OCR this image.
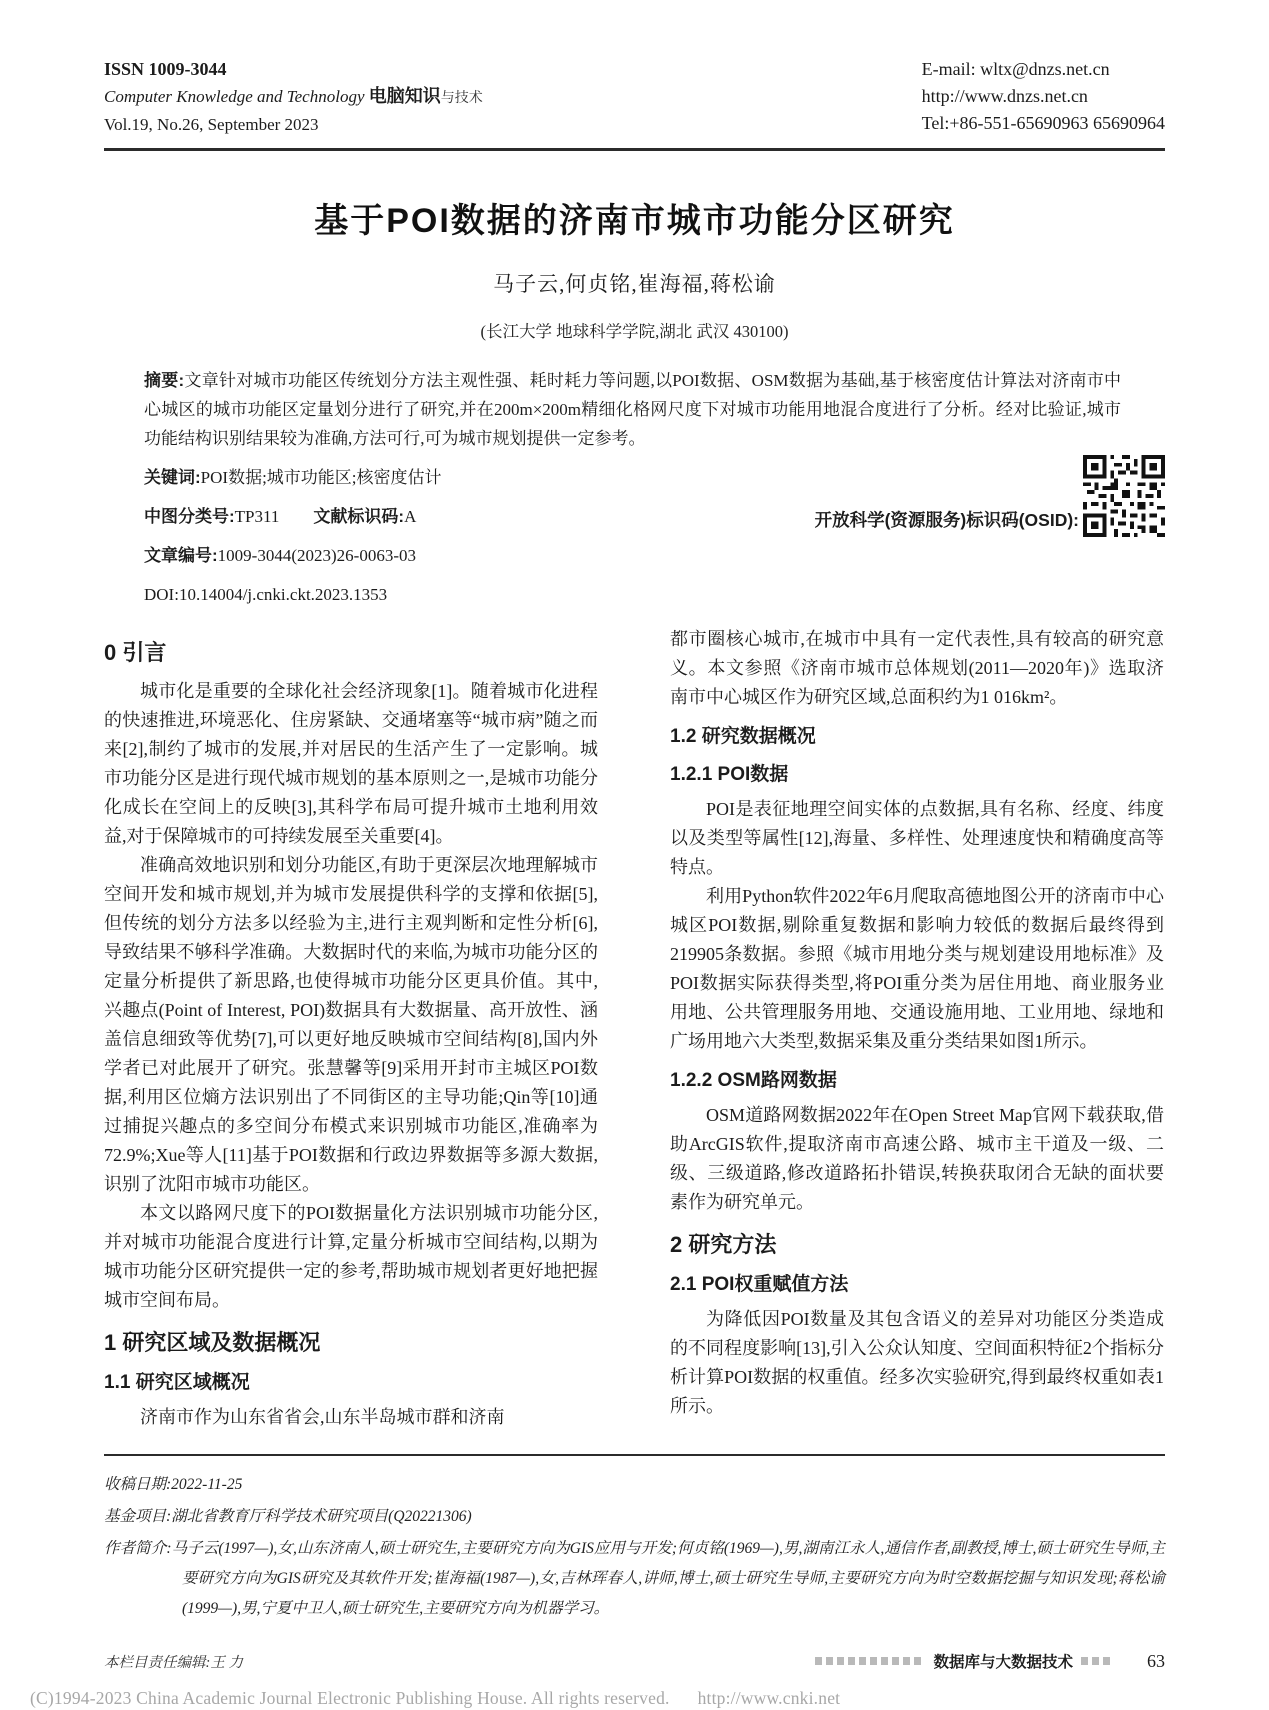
ISSN 1009-3044
Computer Knowledge and Technology 电脑知识与技术
Vol.19, No.26, September 2023
E-mail: wltx@dnzs.net.cn
http://www.dnzs.net.cn
Tel:+86-551-65690963 65690964
基于POI数据的济南市城市功能分区研究
马子云,何贞铭,崔海福,蒋松谕
(长江大学 地球科学学院,湖北 武汉 430100)
摘要:文章针对城市功能区传统划分方法主观性强、耗时耗力等问题,以POI数据、OSM数据为基础,基于核密度估计算法对济南市中心城区的城市功能区定量划分进行了研究,并在200m×200m精细化格网尺度下对城市功能用地混合度进行了分析。经对比验证,城市功能结构识别结果较为准确,方法可行,可为城市规划提供一定参考。
关键词:POI数据;城市功能区;核密度估计
中图分类号:TP311 文献标识码:A
文章编号:1009-3044(2023)26-0063-03
DOI:10.14004/j.cnki.ckt.2023.1353
开放科学(资源服务)标识码(OSID):
0 引言

城市化是重要的全球化社会经济现象[1]。随着城市化进程的快速推进,环境恶化、住房紧缺、交通堵塞等“城市病”随之而来[2],制约了城市的发展,并对居民的生活产生了一定影响。城市功能分区是进行现代城市规划的基本原则之一,是城市功能分化成长在空间上的反映[3],其科学布局可提升城市土地利用效益,对于保障城市的可持续发展至关重要[4]。

准确高效地识别和划分功能区,有助于更深层次地理解城市空间开发和城市规划,并为城市发展提供科学的支撑和依据[5],但传统的划分方法多以经验为主,进行主观判断和定性分析[6],导致结果不够科学准确。大数据时代的来临,为城市功能分区的定量分析提供了新思路,也使得城市功能分区更具价值。其中,兴趣点(Point of Interest, POI)数据具有大数据量、高开放性、涵盖信息细致等优势[7],可以更好地反映城市空间结构[8],国内外学者已对此展开了研究。张慧馨等[9]采用开封市主城区POI数据,利用区位熵方法识别出了不同街区的主导功能;Qin等[10]通过捕捉兴趣点的多空间分布模式来识别城市功能区,准确率为72.9%;Xue等人[11]基于POI数据和行政边界数据等多源大数据,识别了沈阳市城市功能区。

本文以路网尺度下的POI数据量化方法识别城市功能分区,并对城市功能混合度进行计算,定量分析城市空间结构,以期为城市功能分区研究提供一定的参考,帮助城市规划者更好地把握城市空间布局。

1 研究区域及数据概况
1.1 研究区域概况

济南市作为山东省省会,山东半岛城市群和济南

都市圈核心城市,在城市中具有一定代表性,具有较高的研究意义。本文参照《济南市城市总体规划(2011—2020年)》选取济南市中心城区作为研究区域,总面积约为1 016km²。

1.2 研究数据概况
1.2.1 POI数据

POI是表征地理空间实体的点数据,具有名称、经度、纬度以及类型等属性[12],海量、多样性、处理速度快和精确度高等特点。

利用Python软件2022年6月爬取高德地图公开的济南市中心城区POI数据,剔除重复数据和影响力较低的数据后最终得到219905条数据。参照《城市用地分类与规划建设用地标准》及POI数据实际获得类型,将POI重分类为居住用地、商业服务业用地、公共管理服务用地、交通设施用地、工业用地、绿地和广场用地六大类型,数据采集及重分类结果如图1所示。

1.2.2 OSM路网数据

OSM道路网数据2022年在Open Street Map官网下载获取,借助ArcGIS软件,提取济南市高速公路、城市主干道及一级、二级、三级道路,修改道路拓扑错误,转换获取闭合无缺的面状要素作为研究单元。

2 研究方法
2.1 POI权重赋值方法

为降低因POI数量及其包含语义的差异对功能区分类造成的不同程度影响[13],引入公众认知度、空间面积特征2个指标分析计算POI数据的权重值。经多次实验研究,得到最终权重如表1所示。

收稿日期:2022-11-25

基金项目:湖北省教育厅科学技术研究项目(Q20221306)

作者简介:马子云(1997—),女,山东济南人,硕士研究生,主要研究方向为GIS应用与开发;何贞铭(1969—),男,湖南江永人,通信作者,副教授,博士,硕士研究生导师,主要研究方向为GIS研究及其软件开发;崔海福(1987—),女,吉林珲春人,讲师,博士,硕士研究生导师,主要研究方向为时空数据挖掘与知识发现;蒋松谕(1999—),男,宁夏中卫人,硕士研究生,主要研究方向为机器学习。

本栏目责任编辑:王 力	数据库与大数据技术	63
(C)1994-2023 China Academic Journal Electronic Publishing House. All rights reserved. http://www.cnki.net
